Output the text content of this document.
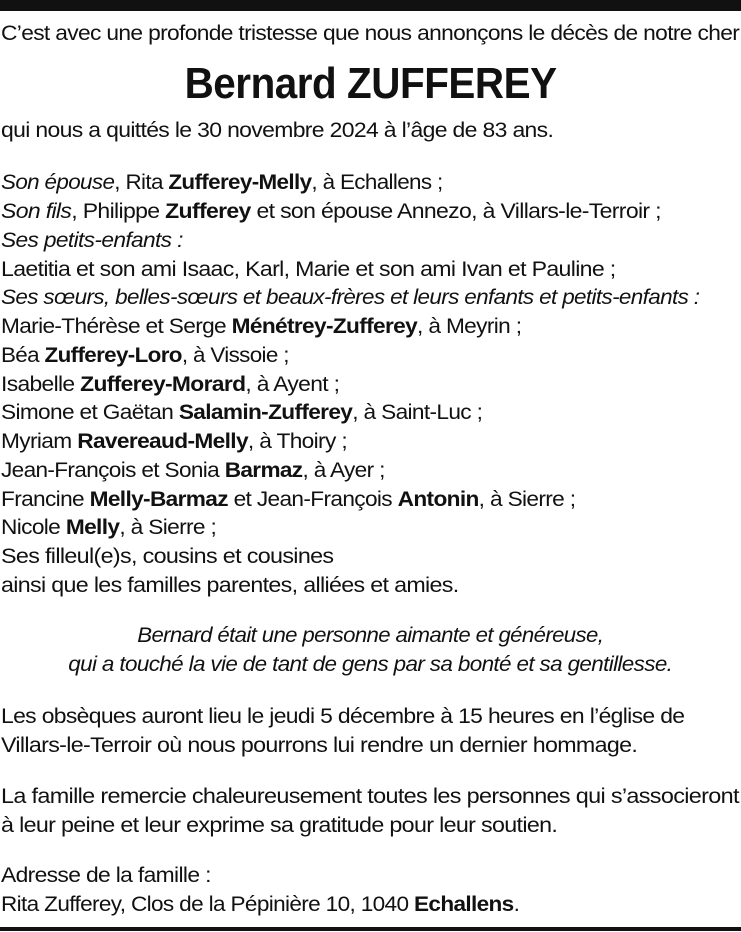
C’est avec une profonde tristesse que nous annonçons le décès de notre cher
Bernard ZUFFEREY
qui nous a quittés le 30 novembre 2024 à l’âge de 83 ans.
Son épouse, Rita Zufferey-Melly, à Echallens ;
Son fils, Philippe Zufferey et son épouse Annezo, à Villars-le-Terroir ;
Ses petits-enfants :
Laetitia et son ami Isaac, Karl, Marie et son ami Ivan et Pauline ;
Ses sœurs, belles-sœurs et beaux-frères et leurs enfants et petits-enfants :
Marie-Thérèse et Serge Ménétrey-Zufferey, à Meyrin ;
Béa Zufferey-Loro, à Vissoie ;
Isabelle Zufferey-Morard, à Ayent ;
Simone et Gaëtan Salamin-Zufferey, à Saint-Luc ;
Myriam Ravereaud-Melly, à Thoiry ;
Jean-François et Sonia Barmaz, à Ayer ;
Francine Melly-Barmaz et Jean-François Antonin, à Sierre ;
Nicole Melly, à Sierre ;
Ses filleul(e)s, cousins et cousines
ainsi que les familles parentes, alliées et amies.
Bernard était une personne aimante et généreuse,
qui a touché la vie de tant de gens par sa bonté et sa gentillesse.
Les obsèques auront lieu le jeudi 5 décembre à 15 heures en l’église de
Villars-le-Terroir où nous pourrons lui rendre un dernier hommage.
La famille remercie chaleureusement toutes les personnes qui s’associeront
à leur peine et leur exprime sa gratitude pour leur soutien.
Adresse de la famille :
Rita Zufferey, Clos de la Pépinière 10, 1040 Echallens.
